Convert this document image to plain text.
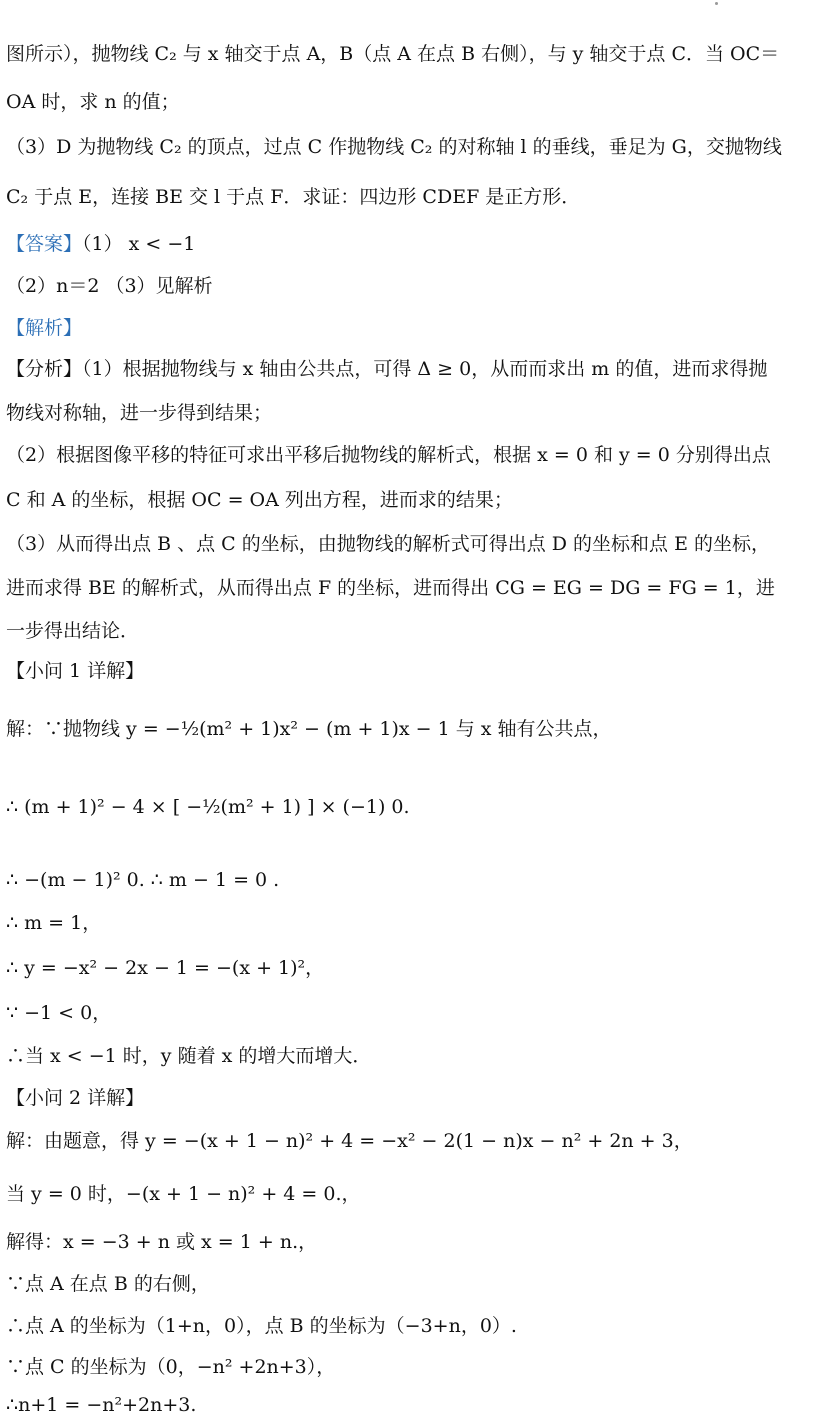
图所示），抛物线 C₂ 与 x 轴交于点 A，B（点 A 在点 B 右侧），与 y 轴交于点 C．当 OC＝
OA 时，求 n 的值；
（3）D 为抛物线 C₂ 的顶点，过点 C 作抛物线 C₂ 的对称轴 l 的垂线，垂足为 G，交抛物线
C₂ 于点 E，连接 BE 交 l 于点 F．求证：四边形 CDEF 是正方形．
【答案】（1） x < −1
（2）n＝2 （3）见解析
【解析】
【分析】（1）根据抛物线与 x 轴由公共点，可得 Δ ≥ 0，从而而求出 m 的值，进而求得抛
物线对称轴，进一步得到结果；
（2）根据图像平移的特征可求出平移后抛物线的解析式，根据 x = 0 和 y = 0 分别得出点
C 和 A 的坐标，根据 OC = OA 列出方程，进而求的结果；
（3）从而得出点 B 、点 C 的坐标，由抛物线的解析式可得出点 D 的坐标和点 E 的坐标，
进而求得 BE 的解析式，从而得出点 F 的坐标，进而得出 CG = EG = DG = FG = 1，进
一步得出结论．
【小问 1 详解】
解：∵抛物线 y = −½(m² + 1)x² − (m + 1)x − 1 与 x 轴有公共点，
∴ (m + 1)² − 4 × [ −½(m² + 1) ] × (−1) 0.
∴ −(m − 1)² 0. ∴ m − 1 = 0 .
∴ m = 1，
∴ y = −x² − 2x − 1 = −(x + 1)²，
∵ −1 < 0，
∴当 x < −1 时，y 随着 x 的增大而增大．
【小问 2 详解】
解：由题意，得 y = −(x + 1 − n)² + 4 = −x² − 2(1 − n)x − n² + 2n + 3，
当 y = 0 时，−(x + 1 − n)² + 4 = 0.，
解得：x = −3 + n 或 x = 1 + n.，
∵点 A 在点 B 的右侧，
∴点 A 的坐标为（1+n，0），点 B 的坐标为（−3+n，0）.
∵点 C 的坐标为（0，−n² +2n+3），
∴n+1 = −n²+2n+3.
